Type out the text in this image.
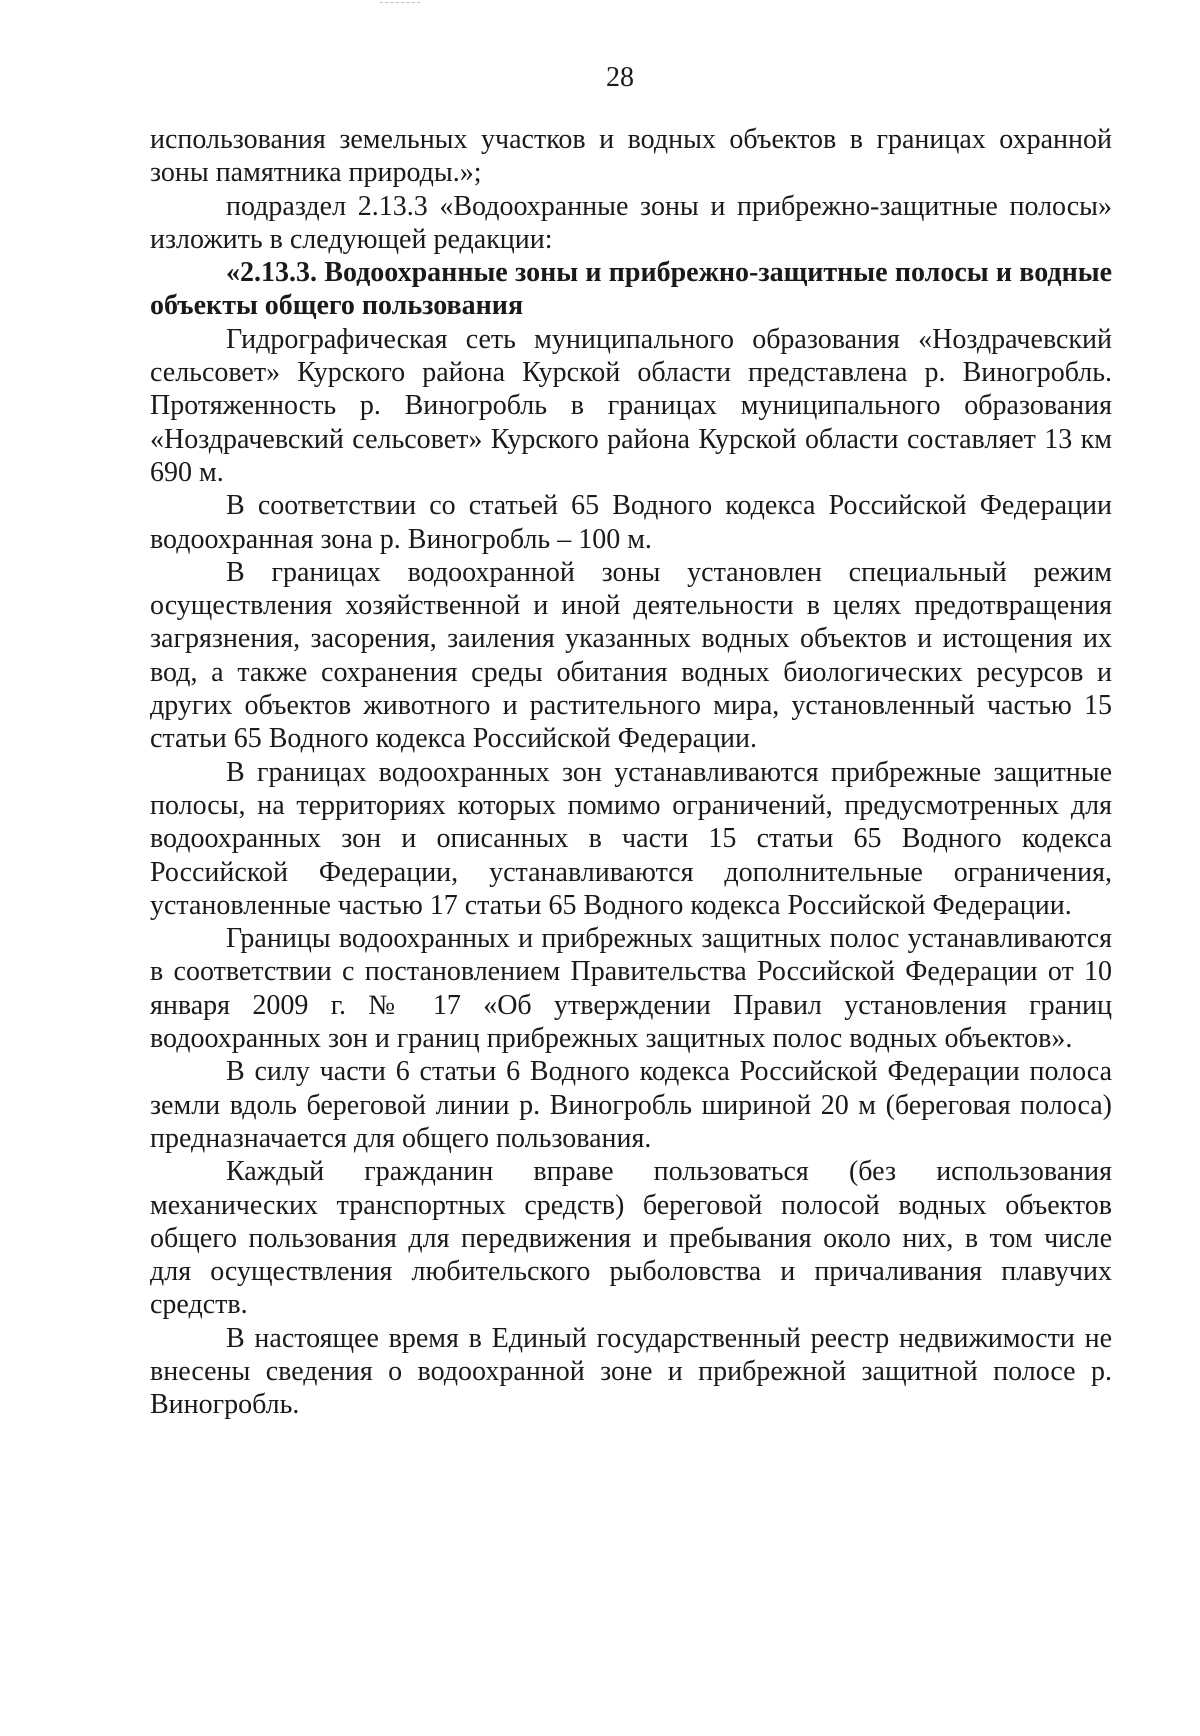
28

использования земельных участков и водных объектов в границах охранной зоны памятника природы.»;

подраздел 2.13.3 «Водоохранные зоны и прибрежно-защитные полосы» изложить в следующей редакции:

«2.13.3. Водоохранные зоны и прибрежно-защитные полосы и водные объекты общего пользования

Гидрографическая сеть муниципального образования «Ноздрачевский сельсовет» Курского района Курской области представлена р. Виногробль. Протяженность р. Виногробль в границах муниципального образования «Ноздрачевский сельсовет» Курского района Курской области составляет 13 км 690 м.

В соответствии со статьей 65 Водного кодекса Российской Федерации водоохранная зона р. Виногробль – 100 м.

В границах водоохранной зоны установлен специальный режим осуществления хозяйственной и иной деятельности в целях предотвращения загрязнения, засорения, заиления указанных водных объектов и истощения их вод, а также сохранения среды обитания водных биологических ресурсов и других объектов животного и растительного мира, установленный частью 15 статьи 65 Водного кодекса Российской Федерации.

В границах водоохранных зон устанавливаются прибрежные защитные полосы, на территориях которых помимо ограничений, предусмотренных для водоохранных зон и описанных в части 15 статьи 65 Водного кодекса Российской Федерации, устанавливаются дополнительные ограничения, установленные частью 17 статьи 65 Водного кодекса Российской Федерации.

Границы водоохранных и прибрежных защитных полос устанавливаются в соответствии с постановлением Правительства Российской Федерации от 10 января 2009 г. № 17 «Об утверждении Правил установления границ водоохранных зон и границ прибрежных защитных полос водных объектов».

В силу части 6 статьи 6 Водного кодекса Российской Федерации полоса земли вдоль береговой линии р. Виногробль шириной 20 м (береговая полоса) предназначается для общего пользования.

Каждый гражданин вправе пользоваться (без использования механических транспортных средств) береговой полосой водных объектов общего пользования для передвижения и пребывания около них, в том числе для осуществления любительского рыболовства и причаливания плавучих средств.

В настоящее время в Единый государственный реестр недвижимости не внесены сведения о водоохранной зоне и прибрежной защитной полосе р. Виногробль.
